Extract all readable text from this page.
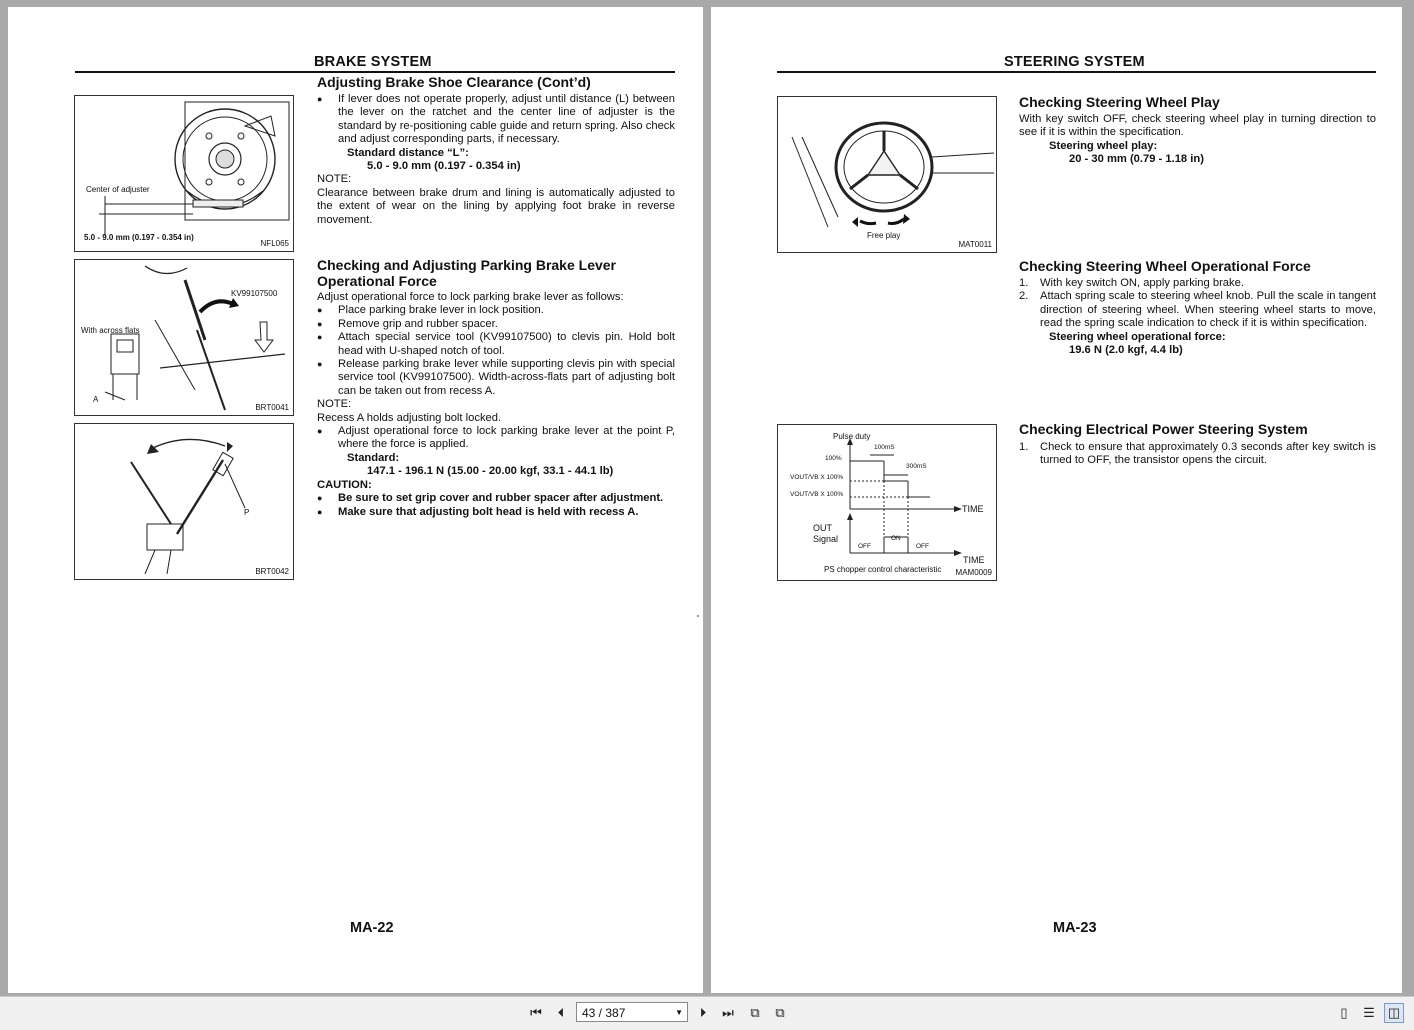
BRAKE SYSTEM
Adjusting Brake Shoe Clearance (Cont’d)

● If lever does not operate properly, adjust until distance (L) between the lever on the ratchet and the center line of adjuster is the standard by re-positioning cable guide and return spring. Also check and adjust corresponding parts, if necessary.

Standard distance “L”:

5.0 - 9.0 mm (0.197 - 0.354 in)

NOTE:

Clearance between brake drum and lining is automatically adjusted to the extent of wear on the lining by applying foot brake in reverse movement.

Checking and Adjusting Parking Brake Lever
Operational Force

Adjust operational force to lock parking brake lever as follows:

● Place parking brake lever in lock position.

● Remove grip and rubber spacer.

● Attach special service tool (KV99107500) to clevis pin. Hold bolt head with U-shaped notch of tool.

● Release parking brake lever while supporting clevis pin with special service tool (KV99107500). Width-across-flats part of adjusting bolt can be taken out from recess A.

NOTE:

Recess A holds adjusting bolt locked.

● Adjust operational force to lock parking brake lever at the point P, where the force is applied.

Standard:

147.1 - 196.1 N (15.00 - 20.00 kgf, 33.1 - 44.1 lb)

CAUTION:

● Be sure to set grip cover and rubber spacer after adjustment.

● Make sure that adjusting bolt head is held with recess A.

Center of adjuster
5.0 - 9.0 mm (0.197 - 0.354 in)
NFL065
KV99107500
With across flats
A
BRT0041
P
BRT0042
MA-22
STEERING SYSTEM
Checking Steering Wheel Play

With key switch OFF, check steering wheel play in turning direction to see if it is within the specification.

Steering wheel play:

20 - 30 mm (0.79 - 1.18 in)

Checking Steering Wheel Operational Force

1. With key switch ON, apply parking brake.

2. Attach spring scale to steering wheel knob. Pull the scale in tangent direction of steering wheel. When steering wheel starts to move, read the spring scale indication to check if it is within specification.

Steering wheel operational force:

19.6 N (2.0 kgf, 4.4 lb)

Checking Electrical Power Steering System

1. Check to ensure that approximately 0.3 seconds after key switch is turned to OFF, the transistor opens the circuit.

Free play
MAT0011
Pulse duty
100mS
300mS
100%
VOUT/VB X 100%
VOUT/VB X 100%
TIME
OUT
Signal
OFF
ON
OFF
TIME
PS chopper control characteristic MAM0009
MA-23
⏮	⏴	43 / 387	▼	⏵	⏭	⧉	⧉	▯	☰	◫
